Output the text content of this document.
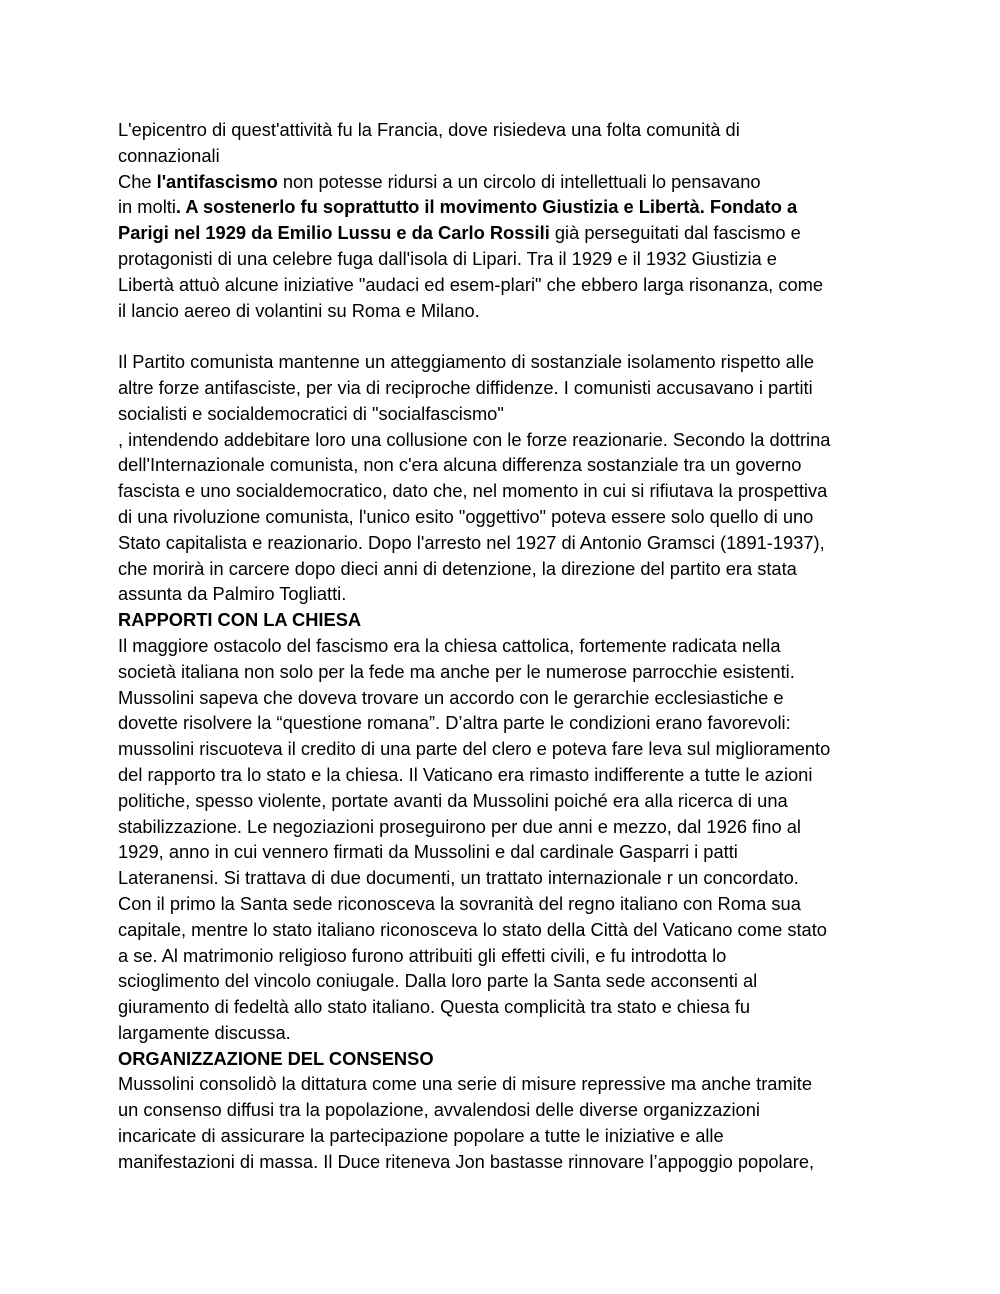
L'epicentro di quest'attività fu la Francia, dove risiedeva una folta comunità di
connazionali
Che l'antifascismo non potesse ridursi a un circolo di intellettuali lo pensavano
in molti. A sostenerlo fu soprattutto il movimento Giustizia e Libertà. Fondato a
Parigi nel 1929 da Emilio Lussu e da Carlo Rossili già perseguitati dal fascismo e
protagonisti di una celebre fuga dall'isola di Lipari. Tra il 1929 e il 1932 Giustizia e
Libertà attuò alcune iniziative "audaci ed esem-plari" che ebbero larga risonanza, come
il lancio aereo di volantini su Roma e Milano.
Il Partito comunista mantenne un atteggiamento di sostanziale isolamento rispetto alle
altre forze antifasciste, per via di reciproche diffidenze. I comunisti accusavano i partiti
socialisti e socialdemocratici di "socialfascismo"
, intendendo addebitare loro una collusione con le forze reazionarie. Secondo la dottrina
dell'Internazionale comunista, non c'era alcuna differenza sostanziale tra un governo
fascista e uno socialdemocratico, dato che, nel momento in cui si rifiutava la prospettiva
di una rivoluzione comunista, l'unico esito "oggettivo" poteva essere solo quello di uno
Stato capitalista e reazionario. Dopo l'arresto nel 1927 di Antonio Gramsci (1891-1937),
che morirà in carcere dopo dieci anni di detenzione, la direzione del partito era stata
assunta da Palmiro Togliatti.
RAPPORTI CON LA CHIESA
Il maggiore ostacolo del fascismo era la chiesa cattolica, fortemente radicata nella
società italiana non solo per la fede ma anche per le numerose parrocchie esistenti.
Mussolini sapeva che doveva trovare un accordo con le gerarchie ecclesiastiche e
dovette risolvere la “questione romana”. D’altra parte le condizioni erano favorevoli:
mussolini riscuoteva il credito di una parte del clero e poteva fare leva sul miglioramento
del rapporto tra lo stato e la chiesa. Il Vaticano era rimasto indifferente a tutte le azioni
politiche, spesso violente, portate avanti da Mussolini poiché era alla ricerca di una
stabilizzazione. Le negoziazioni proseguirono per due anni e mezzo, dal 1926 fino al
1929, anno in cui vennero firmati da Mussolini e dal cardinale Gasparri i patti
Lateranensi. Si trattava di due documenti, un trattato internazionale r un concordato.
Con il primo la Santa sede riconosceva la sovranità del regno italiano con Roma sua
capitale, mentre lo stato italiano riconosceva lo stato della Città del Vaticano come stato
a se. Al matrimonio religioso furono attribuiti gli effetti civili, e fu introdotta lo
scioglimento del vincolo coniugale. Dalla loro parte la Santa sede acconsenti al
giuramento di fedeltà allo stato italiano. Questa complicità tra stato e chiesa fu
largamente discussa.
ORGANIZZAZIONE DEL CONSENSO
Mussolini consolidò la dittatura come una serie di misure repressive ma anche tramite
un consenso diffusi tra la popolazione, avvalendosi delle diverse organizzazioni
incaricate di assicurare la partecipazione popolare a tutte le iniziative e alle
manifestazioni di massa. Il Duce riteneva Jon bastasse rinnovare l’appoggio popolare,
